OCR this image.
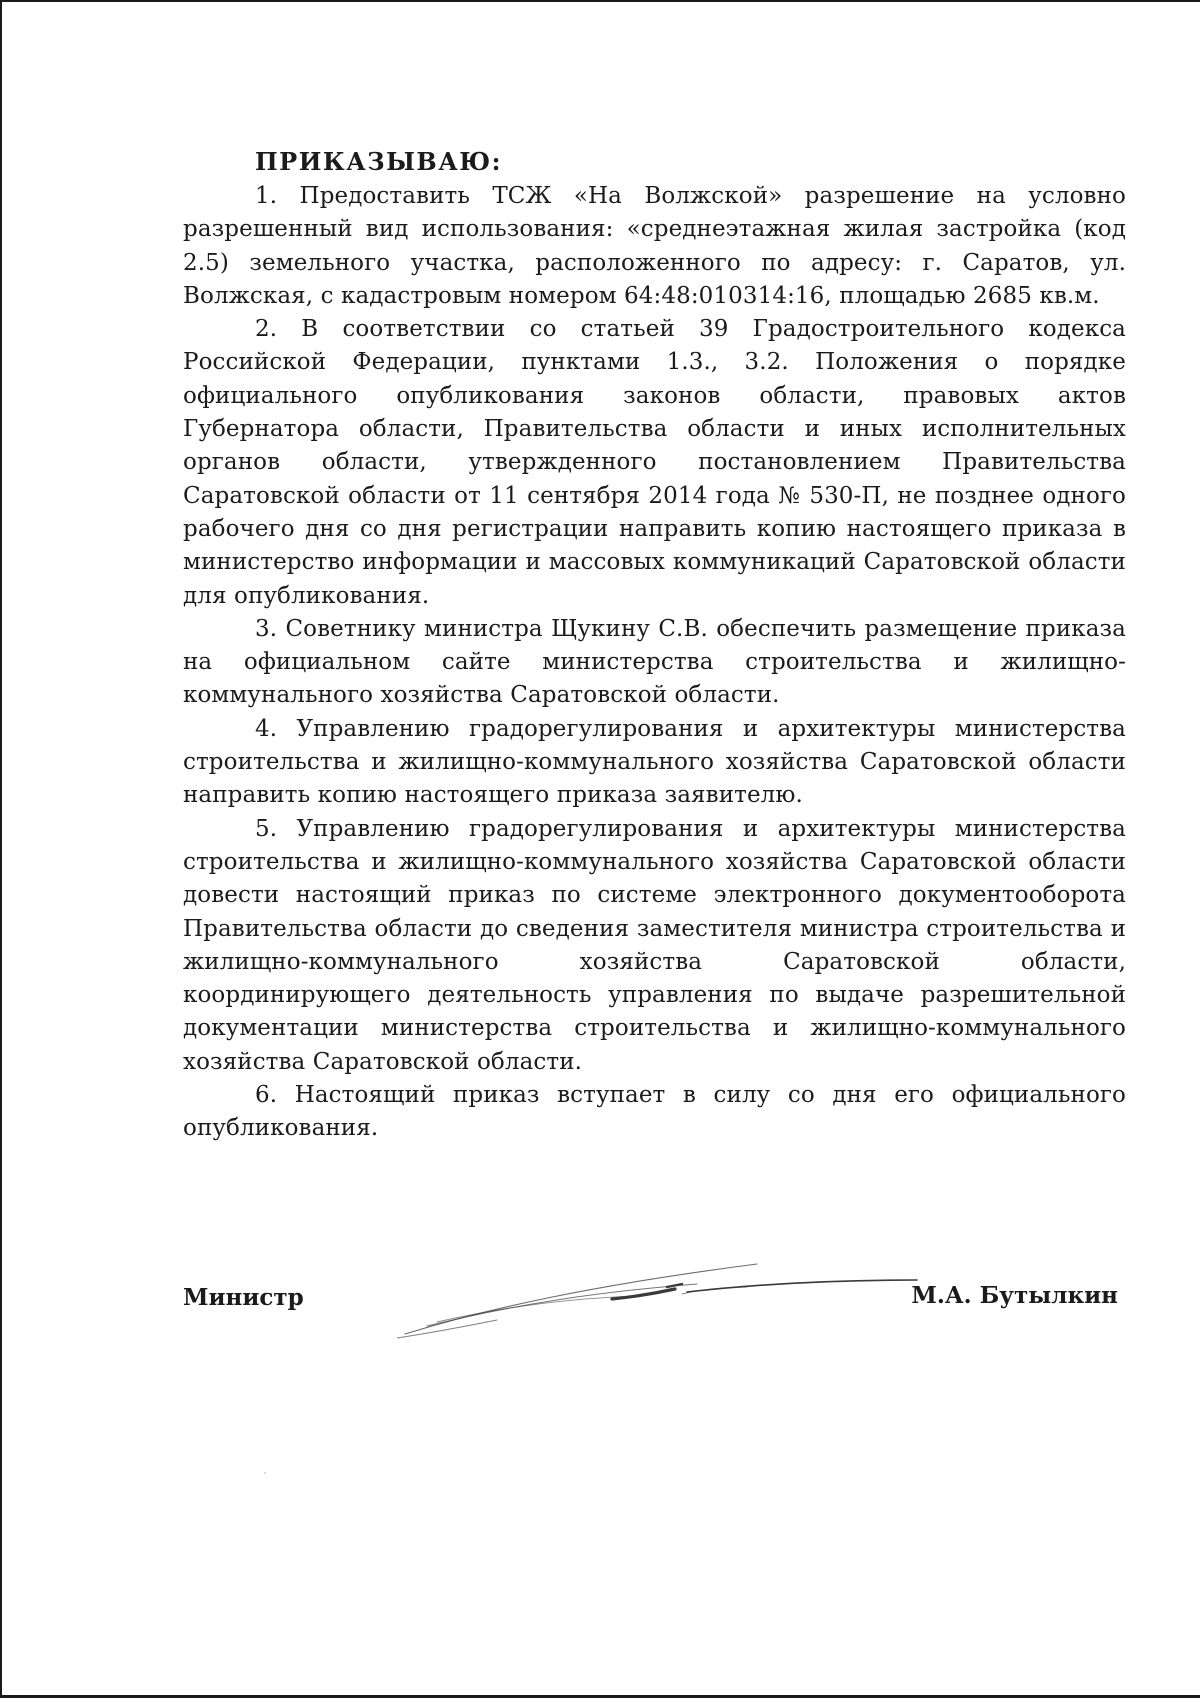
ПРИКАЗЫВАЮ:

1. Предоставить ТСЖ «На Волжской» разрешение на условно разрешенный вид использования: «среднеэтажная жилая застройка (код 2.5) земельного участка, расположенного по адресу: г. Саратов, ул. Волжская, с кадастровым номером 64:48:010314:16, площадью 2685 кв.м.

2. В соответствии со статьей 39 Градостроительного кодекса Российской Федерации, пунктами 1.3., 3.2. Положения о порядке официального опубликования законов области, правовых актов Губернатора области, Правительства области и иных исполнительных органов области, утвержденного постановлением Правительства Саратовской области от 11 сентября 2014 года № 530-П, не позднее одного рабочего дня со дня регистрации направить копию настоящего приказа в министерство информации и массовых коммуникаций Саратовской области для опубликования.

3. Советнику министра Щукину С.В. обеспечить размещение приказа на официальном сайте министерства строительства и жилищно-коммунального хозяйства Саратовской области.

4. Управлению градорегулирования и архитектуры министерства строительства и жилищно-коммунального хозяйства Саратовской области направить копию настоящего приказа заявителю.

5. Управлению градорегулирования и архитектуры министерства строительства и жилищно-коммунального хозяйства Саратовской области довести настоящий приказ по системе электронного документооборота Правительства области до сведения заместителя министра строительства и жилищно-коммунального хозяйства Саратовской области, координирующего деятельность управления по выдаче разрешительной документации министерства строительства и жилищно-коммунального хозяйства Саратовской области.

6. Настоящий приказ вступает в силу со дня его официального опубликования.

Министр	М.А. Бутылкин
